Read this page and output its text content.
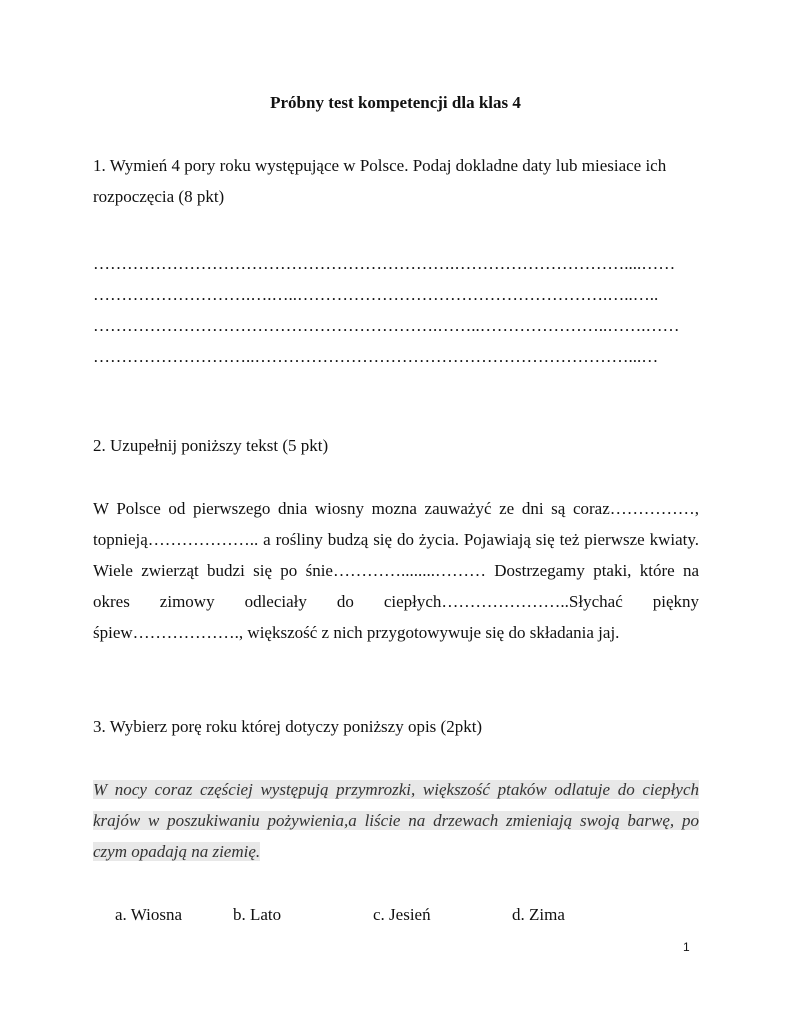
Próbny test kompetencji dla klas 4
1. Wymień 4 pory roku występujące w Polsce. Podaj dokladne daty lub miesiace ich rozpoczęcia (8 pkt)
……………………………………………………….…………………………....……
……………………….….…..……………………………………………….…..…..
…………………………………………………….……..…………………..…….……
………………………..…………………………………………………………...…
2. Uzupełnij poniższy tekst (5 pkt)
W Polsce od pierwszego dnia wiosny mozna zauważyć ze dni są coraz……………, topnieją……………….. a rośliny budzą się do życia. Pojawiają się też pierwsze kwiaty. Wiele zwierząt budzi się po śnie…………........……… Dostrzegamy ptaki, które na okres zimowy odleciały do ciepłych…………………..Słychać piękny śpiew………………., większość z nich przygotowywuje się do składania jaj.
3. Wybierz porę roku której dotyczy poniższy opis (2pkt)
W nocy coraz częściej występują przymrozki, większość ptaków odlatuje do ciepłych krajów w poszukiwaniu pożywienia,a liście na drzewach zmieniają swoją barwę, po czym opadają na ziemię.
a. Wiosna	b. Lato	c. Jesień	d. Zima
1
